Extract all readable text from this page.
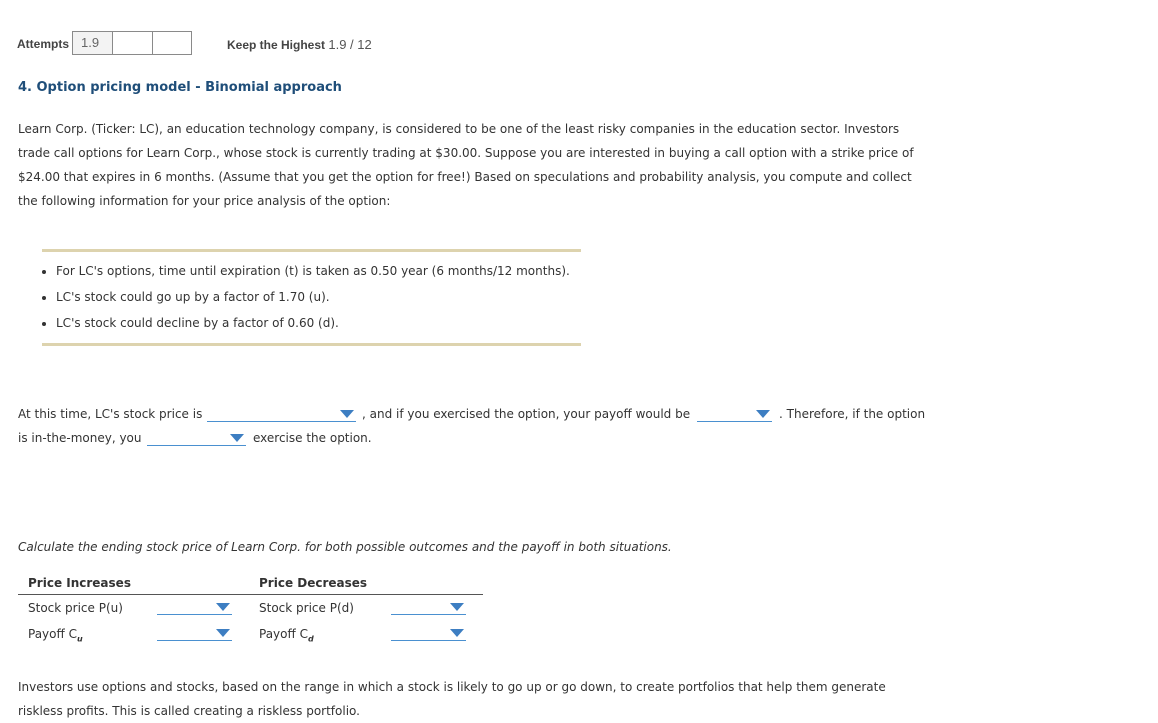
Attempts 1.9	Keep the Highest 1.9 / 12
4. Option pricing model - Binomial approach
Learn Corp. (Ticker: LC), an education technology company, is considered to be one of the least risky companies in the education sector. Investors trade call options for Learn Corp., whose stock is currently trading at $30.00. Suppose you are interested in buying a call option with a strike price of $24.00 that expires in 6 months. (Assume that you get the option for free!) Based on speculations and probability analysis, you compute and collect the following information for your price analysis of the option:
• For LC's options, time until expiration (t) is taken as 0.50 year (6 months/12 months).
• LC's stock could go up by a factor of 1.70 (u).
• LC's stock could decline by a factor of 0.60 (d).
At this time, LC's stock price is	, and if you exercised the option, your payoff would be	. Therefore, if the option
is in-the-money, you	exercise the option.
Calculate the ending stock price of Learn Corp. for both possible outcomes and the payoff in both situations.
Price Increases	Price Decreases
Stock price P(u)	Stock price P(d)
Payoff $C_u$	Payoff $C_d$
Investors use options and stocks, based on the range in which a stock is likely to go up or go down, to create portfolios that help them generate riskless profits. This is called creating a riskless portfolio.
